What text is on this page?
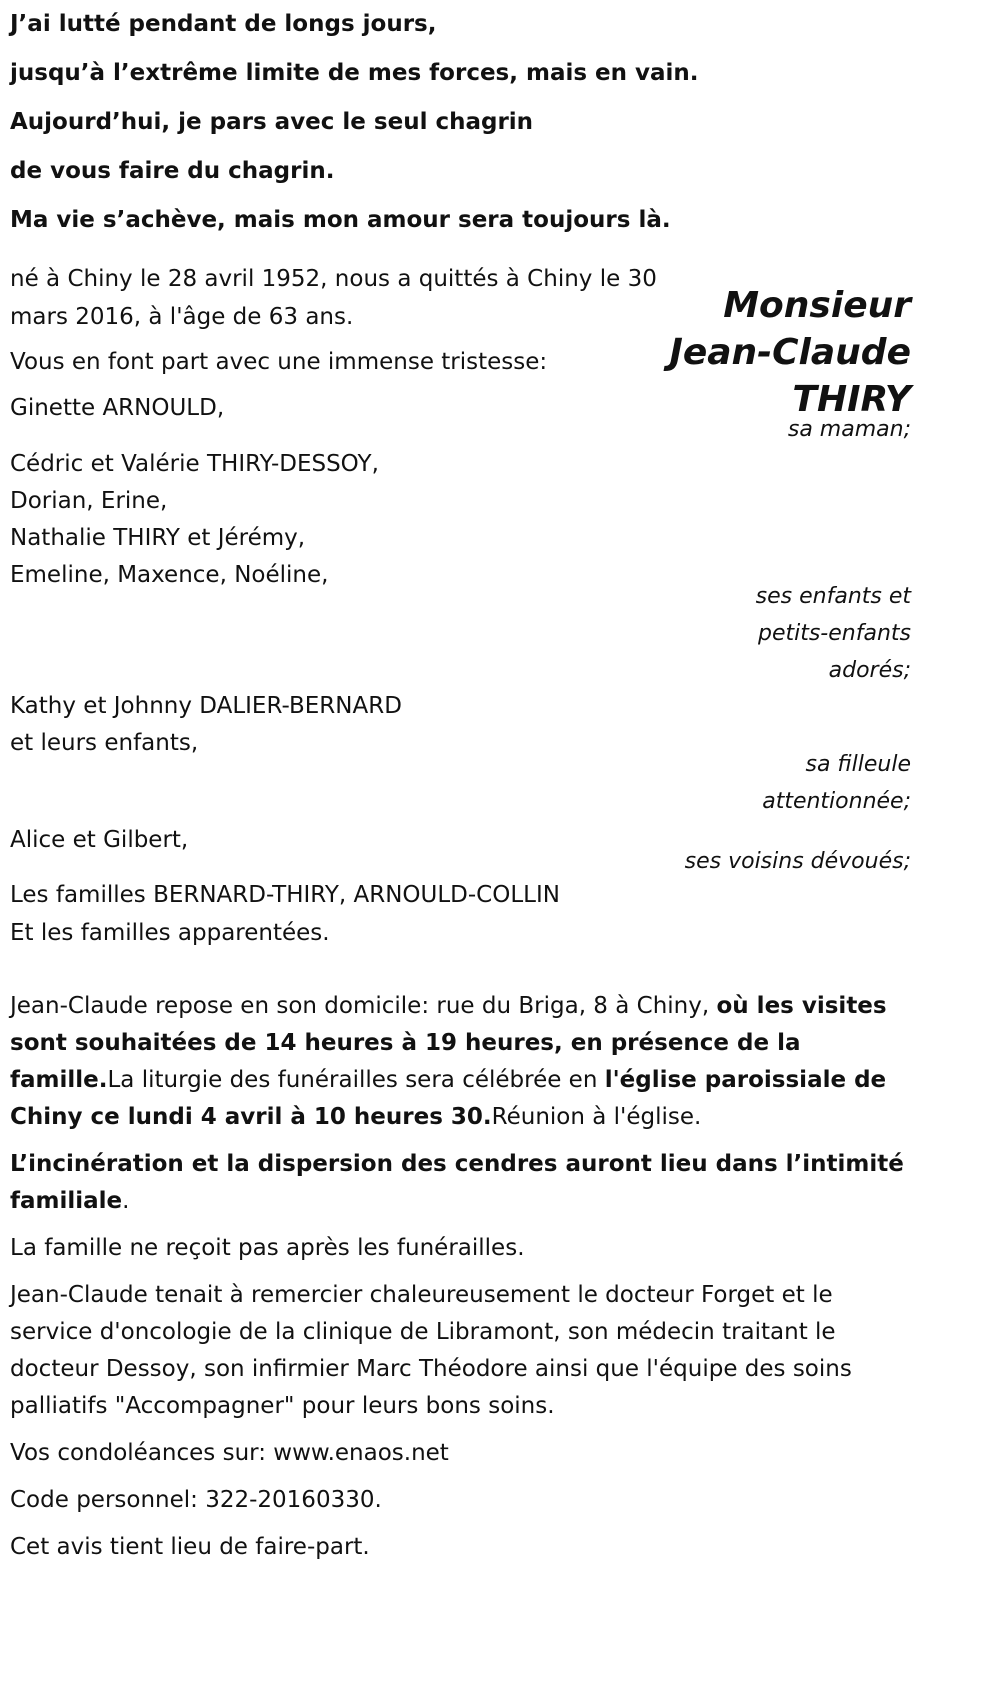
J’ai lutté pendant de longs jours,
jusqu’à l’extrême limite de mes forces, mais en vain.
Aujourd’hui, je pars avec le seul chagrin
de vous faire du chagrin.
Ma vie s’achève, mais mon amour sera toujours là.
Monsieur
Jean-Claude
THIRY
né à Chiny le 28 avril 1952, nous a quittés à Chiny le 30 mars 2016, à l'âge de 63 ans.
Vous en font part avec une immense tristesse:
Ginette ARNOULD,
sa maman;
Cédric et Valérie THIRY-DESSOY,
Dorian, Erine,
Nathalie THIRY et Jérémy,
Emeline, Maxence, Noéline,
ses enfants et
petits-enfants
adorés;
Kathy et Johnny DALIER-BERNARD
et leurs enfants,
sa filleule
attentionnée;
Alice et Gilbert,
ses voisins dévoués;
Les familles BERNARD-THIRY, ARNOULD-COLLIN
Et les familles apparentées.

Jean-Claude repose en son domicile: rue du Briga, 8 à Chiny, où les visites sont souhaitées de 14 heures à 19 heures, en présence de la famille.La liturgie des funérailles sera célébrée en l'église paroissiale de Chiny ce lundi 4 avril à 10 heures 30.Réunion à l'église.

L’incinération et la dispersion des cendres auront lieu dans l’intimité familiale.

La famille ne reçoit pas après les funérailles.

Jean-Claude tenait à remercier chaleureusement le docteur Forget et le service d'oncologie de la clinique de Libramont, son médecin traitant le docteur Dessoy, son infirmier Marc Théodore ainsi que l'équipe des soins palliatifs "Accompagner" pour leurs bons soins.

Vos condoléances sur: www.enaos.net

Code personnel: 322-20160330.

Cet avis tient lieu de faire-part.
